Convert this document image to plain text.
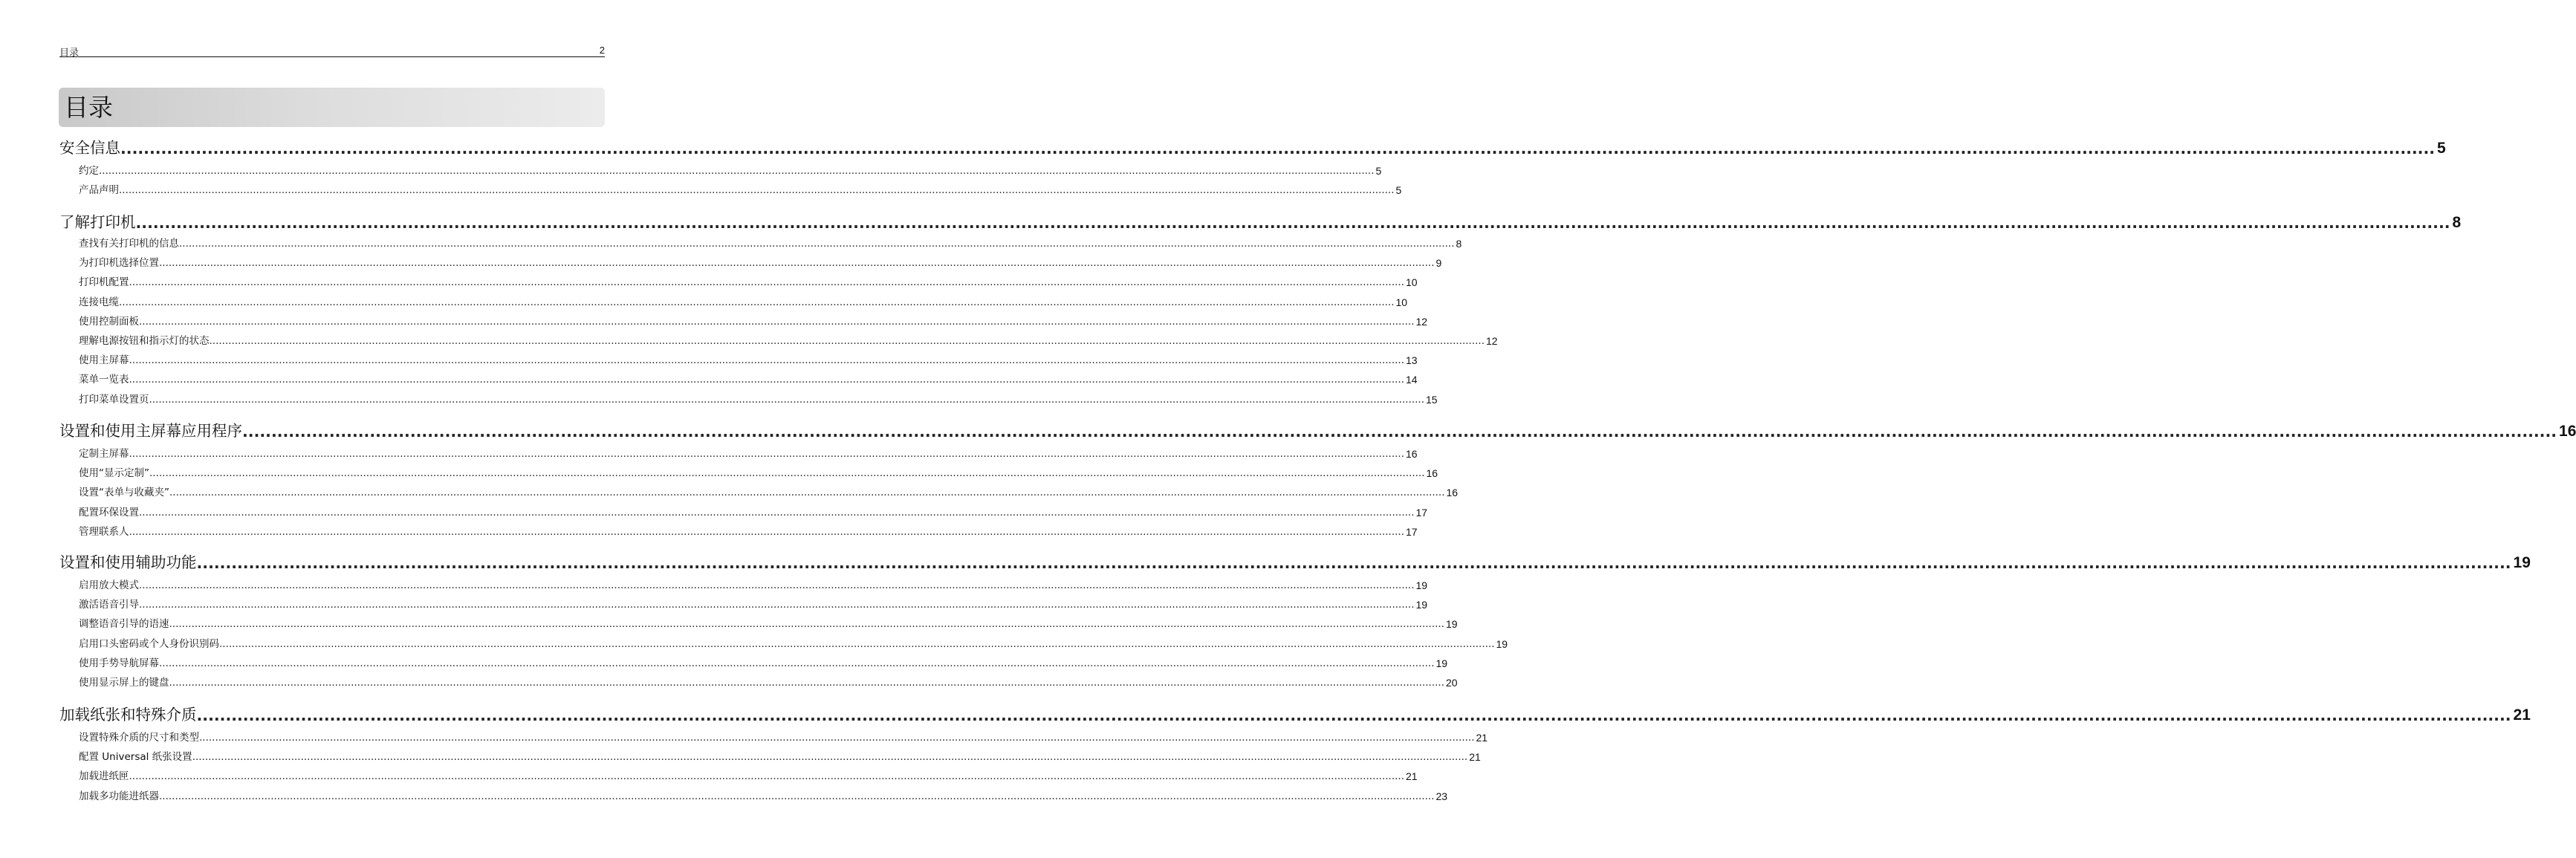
目录	2
目录
安全信息 ................................................................................................................................................................................................................................................................................................................................................................................................................ 5
约定 ................................................................................................................................................................................................................................................................................................................................................................................................................ 5
产品声明 ................................................................................................................................................................................................................................................................................................................................................................................................................ 5
了解打印机 ................................................................................................................................................................................................................................................................................................................................................................................................................ 8
查找有关打印机的信息 ................................................................................................................................................................................................................................................................................................................................................................................................................ 8
为打印机选择位置 ................................................................................................................................................................................................................................................................................................................................................................................................................ 9
打印机配置 ................................................................................................................................................................................................................................................................................................................................................................................................................ 10
连接电缆 ................................................................................................................................................................................................................................................................................................................................................................................................................ 10
使用控制面板 ................................................................................................................................................................................................................................................................................................................................................................................................................ 12
理解电源按钮和指示灯的状态 ................................................................................................................................................................................................................................................................................................................................................................................................................ 12
使用主屏幕 ................................................................................................................................................................................................................................................................................................................................................................................................................ 13
菜单一览表 ................................................................................................................................................................................................................................................................................................................................................................................................................ 14
打印菜单设置页 ................................................................................................................................................................................................................................................................................................................................................................................................................ 15
设置和使用主屏幕应用程序 ................................................................................................................................................................................................................................................................................................................................................................................................................ 16
定制主屏幕 ................................................................................................................................................................................................................................................................................................................................................................................................................ 16
使用“显示定制” ................................................................................................................................................................................................................................................................................................................................................................................................................ 16
设置“表单与收藏夹” ................................................................................................................................................................................................................................................................................................................................................................................................................ 16
配置环保设置 ................................................................................................................................................................................................................................................................................................................................................................................................................ 17
管理联系人 ................................................................................................................................................................................................................................................................................................................................................................................................................ 17
设置和使用辅助功能 ................................................................................................................................................................................................................................................................................................................................................................................................................ 19
启用放大模式 ................................................................................................................................................................................................................................................................................................................................................................................................................ 19
激活语音引导 ................................................................................................................................................................................................................................................................................................................................................................................................................ 19
调整语音引导的语速 ................................................................................................................................................................................................................................................................................................................................................................................................................ 19
启用口头密码或个人身份识别码 ................................................................................................................................................................................................................................................................................................................................................................................................................ 19
使用手势导航屏幕 ................................................................................................................................................................................................................................................................................................................................................................................................................ 19
使用显示屏上的键盘 ................................................................................................................................................................................................................................................................................................................................................................................................................ 20
加载纸张和特殊介质 ................................................................................................................................................................................................................................................................................................................................................................................................................ 21
设置特殊介质的尺寸和类型 ................................................................................................................................................................................................................................................................................................................................................................................................................ 21
配置 Universal 纸张设置 ................................................................................................................................................................................................................................................................................................................................................................................................................ 21
加载进纸匣 ................................................................................................................................................................................................................................................................................................................................................................................................................ 21
加载多功能进纸器 ................................................................................................................................................................................................................................................................................................................................................................................................................ 23
